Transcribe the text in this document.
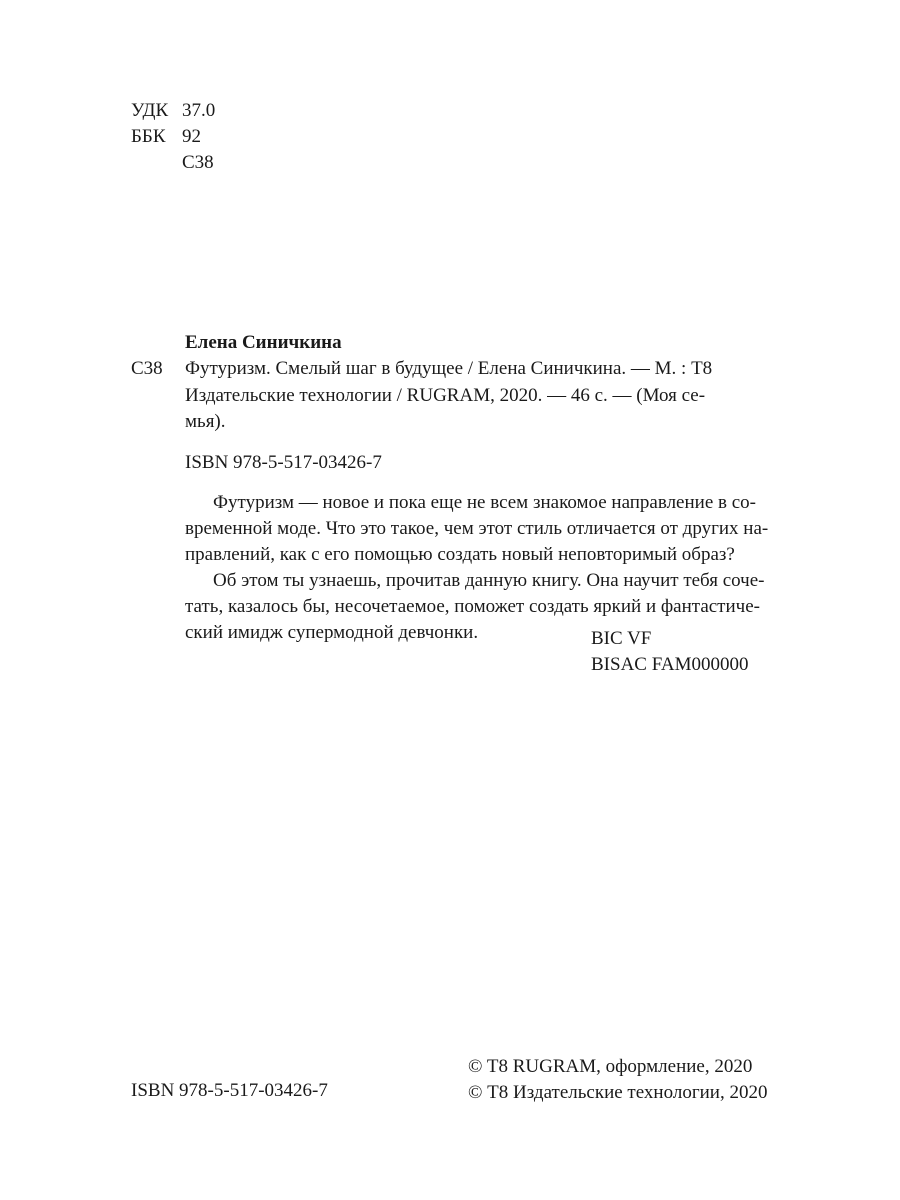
УДК 37.0
ББК 92
С38
Елена Синичкина
С38 Футуризм. Смелый шаг в будущее / Елена Синичкина. — М. : Т8
Издательские технологии / RUGRAM, 2020. — 46 с. — (Моя се-
мья).
ISBN 978-5-517-03426-7
Футуризм — новое и пока еще не всем знакомое направление в со-
временной моде. Что это такое, чем этот стиль отличается от других на-
правлений, как с его помощью создать новый неповторимый образ?
Об этом ты узнаешь, прочитав данную книгу. Она научит тебя сочe-
тать, казалось бы, несочетаемое, поможет создать яркий и фантастиче-
ский имидж супермодной девчонки.	BIC VF
BISAC FAM000000
ISBN 978-5-517-03426-7
© T8 RUGRAM, оформление, 2020
© Т8 Издательские технологии, 2020
